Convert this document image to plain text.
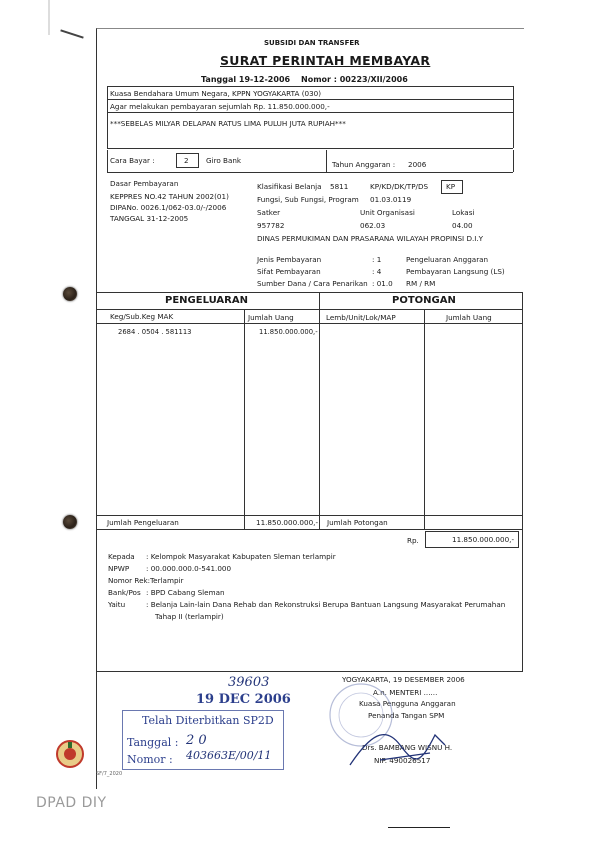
SUBSIDI DAN TRANSFER
SURAT PERINTAH MEMBAYAR
Tanggal 19-12-2006 Nomor : 00223/XII/2006
Kuasa Bendahara Umum Negara, KPPN YOGYAKARTA (030)
Agar melakukan pembayaran sejumlah Rp. 11.850.000.000,-
***SEBELAS MILYAR DELAPAN RATUS LIMA PULUH JUTA RUPIAH***
Cara Bayar :	2 Giro Bank	Tahun Anggaran : 2006
Dasar Pembayaran
KEPPRES NO.42 TAHUN 2002(01)
DIPANo. 0026.1/062-03.0/-/2006
TANGGAL 31-12-2005
Klasifikasi Belanja 5811	KP/KD/DK/TP/DS KP
Fungsi, Sub Fungsi, Program 01.03.0119
Satker	Unit Organisasi	Lokasi
957782	062.03	04.00
DINAS PERMUKIMAN DAN PRASARANA WILAYAH PROPINSI D.I.Y
Jenis Pembayaran	: 1	Pengeluaran Anggaran
Sifat Pembayaran	: 4	Pembayaran Langsung (LS)
Sumber Dana / Cara Penarikan : 01.0 RM / RM
PENGELUARAN	POTONGAN
Keg/Sub.Keg MAK	Jumlah Uang	Lemb/Unit/Lok/MAP	Jumlah Uang
2684 . 0504 . 581113	11.850.000.000,-
Jumlah Pengeluaran	11.850.000.000,- Jumlah Potongan
Rp.	11.850.000.000,-
Kepada : Kelompok Masyarakat Kabupaten Sleman terlampir
NPWP : 00.000.000.0-541.000
Nomor Rek: Terlampir
Bank/Pos : BPD Cabang Sleman
Yaitu	: Belanja Lain-lain Dana Rehab dan Rekonstruksi Berupa Bantuan Langsung Masyarakat Perumahan
Tahap II (terlampir)
YOGYAKARTA, 19 DESEMBER 2006
A.n. MENTERI ......
Kuasa Pengguna Anggaran
Penanda Tangan SPM
Drs. BAMBANG WISNU H.
NIP. 490026517
39603
19 DEC 2006
Telah Diterbitkan SP2D
Tanggal : 2 0
Nomor : 403663E/00/11
SF/7_2020
DPAD DIY
